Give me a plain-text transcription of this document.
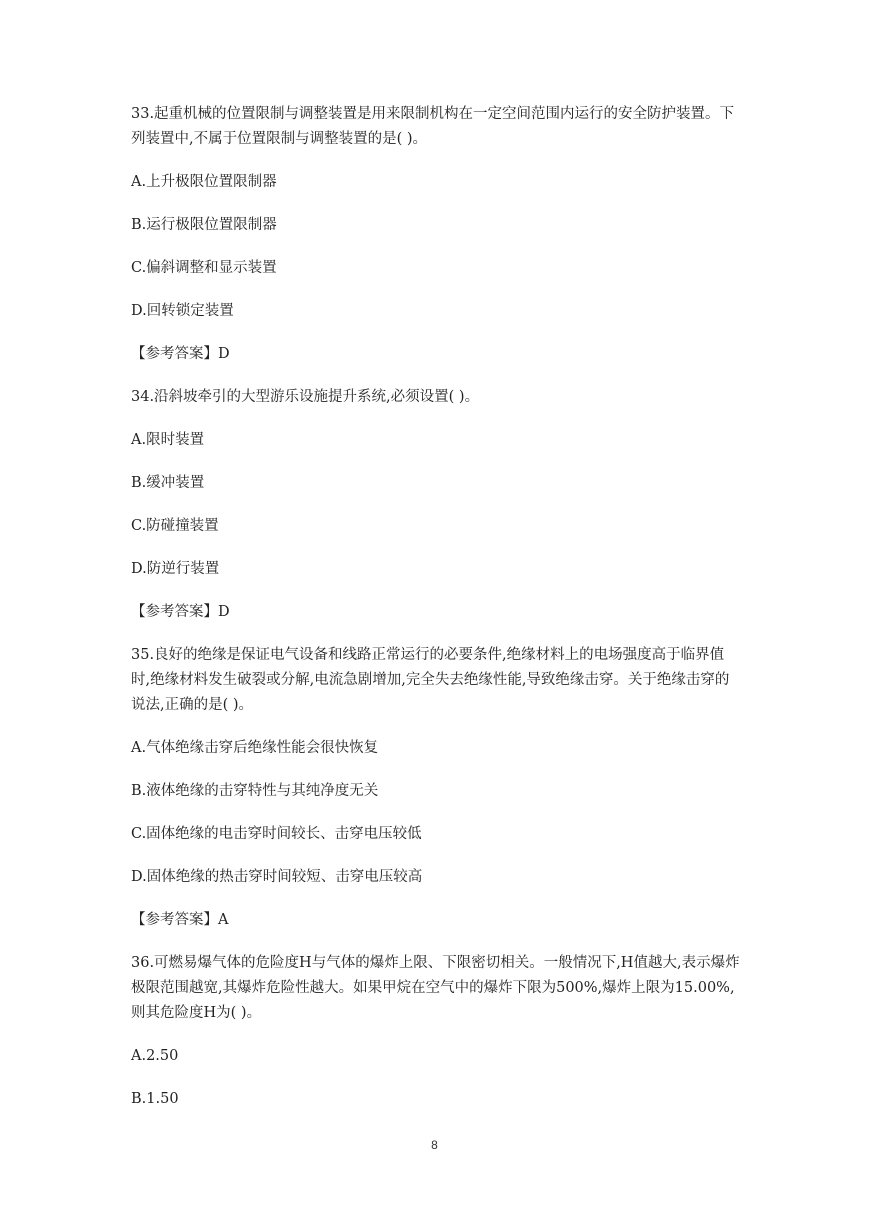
33.起重机械的位置限制与调整装置是用来限制机构在一定空间范围内运行的安全防护装置。下列装置中,不属于位置限制与调整装置的是( )。

A.上升极限位置限制器

B.运行极限位置限制器

C.偏斜调整和显示装置

D.回转锁定装置

【参考答案】D

34.沿斜坡牵引的大型游乐设施提升系统,必须设置( )。

A.限时装置

B.缓冲装置

C.防碰撞装置

D.防逆行装置

【参考答案】D

35.良好的绝缘是保证电气设备和线路正常运行的必要条件,绝缘材料上的电场强度高于临界值时,绝缘材料发生破裂或分解,电流急剧增加,完全失去绝缘性能,导致绝缘击穿。关于绝缘击穿的说法,正确的是( )。

A.气体绝缘击穿后绝缘性能会很快恢复

B.液体绝缘的击穿特性与其纯净度无关

C.固体绝缘的电击穿时间较长、击穿电压较低

D.固体绝缘的热击穿时间较短、击穿电压较高

【参考答案】A

36.可燃易爆气体的危险度H与气体的爆炸上限、下限密切相关。一般情况下,H值越大,表示爆炸极限范围越宽,其爆炸危险性越大。如果甲烷在空气中的爆炸下限为500%,爆炸上限为15.00%,则其危险度H为( )。

A.2.50

B.1.50

8
